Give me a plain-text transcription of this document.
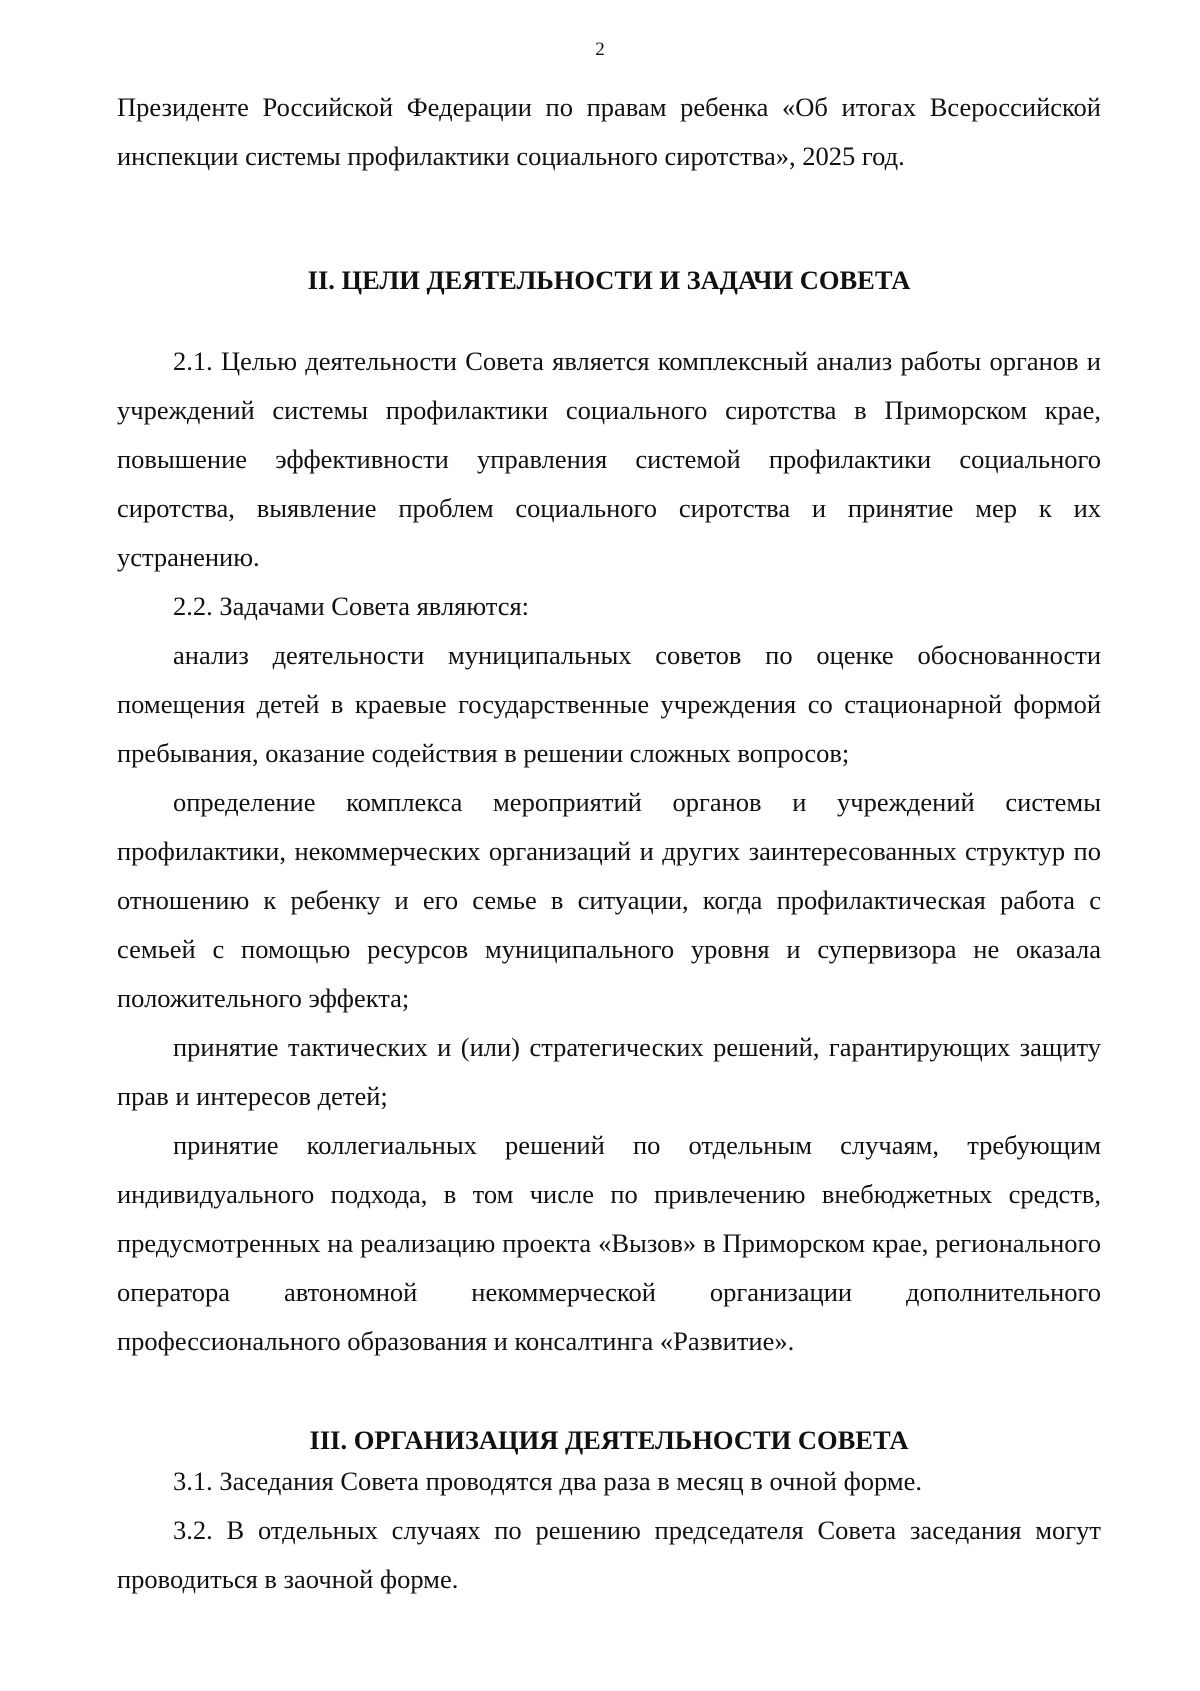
2

Президенте Российской Федерации по правам ребенка «Об итогах Всероссийской инспекции системы профилактики социального сиротства», 2025 год.

II. ЦЕЛИ ДЕЯТЕЛЬНОСТИ И ЗАДАЧИ СОВЕТА

2.1. Целью деятельности Совета является комплексный анализ работы органов и учреждений системы профилактики социального сиротства в Приморском крае, повышение эффективности управления системой профилактики социального сиротства, выявление проблем социального сиротства и принятие мер к их устранению.

2.2. Задачами Совета являются:

анализ деятельности муниципальных советов по оценке обоснованности помещения детей в краевые государственные учреждения со стационарной формой пребывания, оказание содействия в решении сложных вопросов;

определение комплекса мероприятий органов и учреждений системы профилактики, некоммерческих организаций и других заинтересованных структур по отношению к ребенку и его семье в ситуации, когда профилактическая работа с семьей с помощью ресурсов муниципального уровня и супервизора не оказала положительного эффекта;

принятие тактических и (или) стратегических решений, гарантирующих защиту прав и интересов детей;

принятие коллегиальных решений по отдельным случаям, требующим индивидуального подхода, в том числе по привлечению внебюджетных средств, предусмотренных на реализацию проекта «Вызов» в Приморском крае, регионального оператора автономной некоммерческой организации дополнительного профессионального образования и консалтинга «Развитие».

III. ОРГАНИЗАЦИЯ ДЕЯТЕЛЬНОСТИ СОВЕТА

3.1. Заседания Совета проводятся два раза в месяц в очной форме.

3.2. В отдельных случаях по решению председателя Совета заседания могут проводиться в заочной форме.
